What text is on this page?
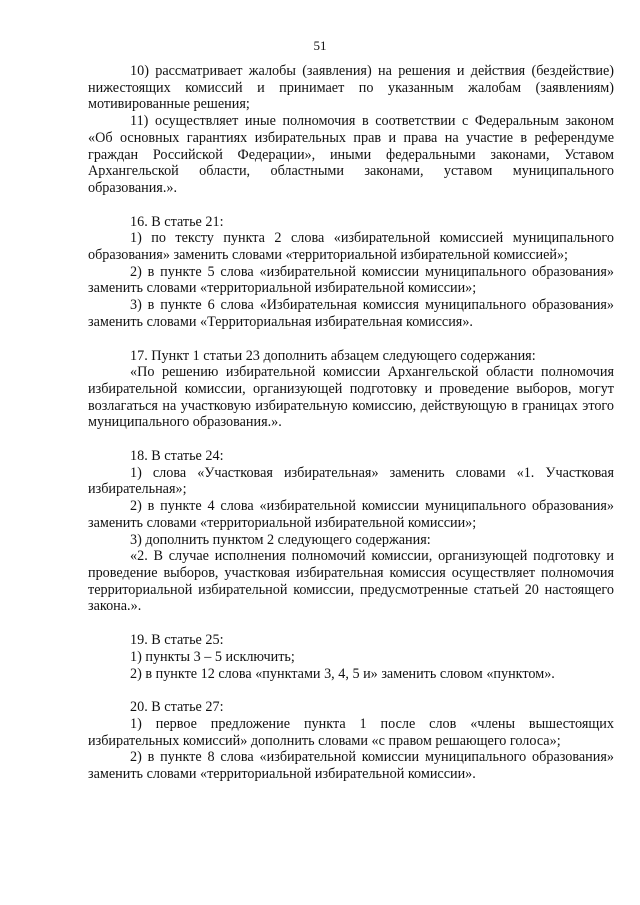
51

10) рассматривает жалобы (заявления) на решения и действия (бездействие) нижестоящих комиссий и принимает по указанным жалобам (заявлениям) мотивированные решения;

11) осуществляет иные полномочия в соответствии с Федеральным законом «Об основных гарантиях избирательных прав и права на участие в референдуме граждан Российской Федерации», иными федеральными законами, Уставом Архангельской области, областными законами, уставом муниципального образования.».

16. В статье 21:

1) по тексту пункта 2 слова «избирательной комиссией муниципального образования» заменить словами «территориальной избирательной комиссией»;

2) в пункте 5 слова «избирательной комиссии муниципального образования» заменить словами «территориальной избирательной комиссии»;

3) в пункте 6 слова «Избирательная комиссия муниципального образования» заменить словами «Территориальная избирательная комиссия».

17. Пункт 1 статьи 23 дополнить абзацем следующего содержания:

«По решению избирательной комиссии Архангельской области полномочия избирательной комиссии, организующей подготовку и проведение выборов, могут возлагаться на участковую избирательную комиссию, действующую в границах этого муниципального образования.».

18. В статье 24:

1) слова «Участковая избирательная» заменить словами «1. Участковая избирательная»;

2) в пункте 4 слова «избирательной комиссии муниципального образования» заменить словами «территориальной избирательной комиссии»;

3) дополнить пунктом 2 следующего содержания:

«2. В случае исполнения полномочий комиссии, организующей подготовку и проведение выборов, участковая избирательная комиссия осуществляет полномочия территориальной избирательной комиссии, предусмотренные статьей 20 настоящего закона.».

19. В статье 25:

1) пункты 3 – 5 исключить;

2) в пункте 12 слова «пунктами 3, 4, 5 и» заменить словом «пунктом».

20. В статье 27:

1) первое предложение пункта 1 после слов «члены вышестоящих избирательных комиссий» дополнить словами «с правом решающего голоса»;

2) в пункте 8 слова «избирательной комиссии муниципального образования» заменить словами «территориальной избирательной комиссии».
